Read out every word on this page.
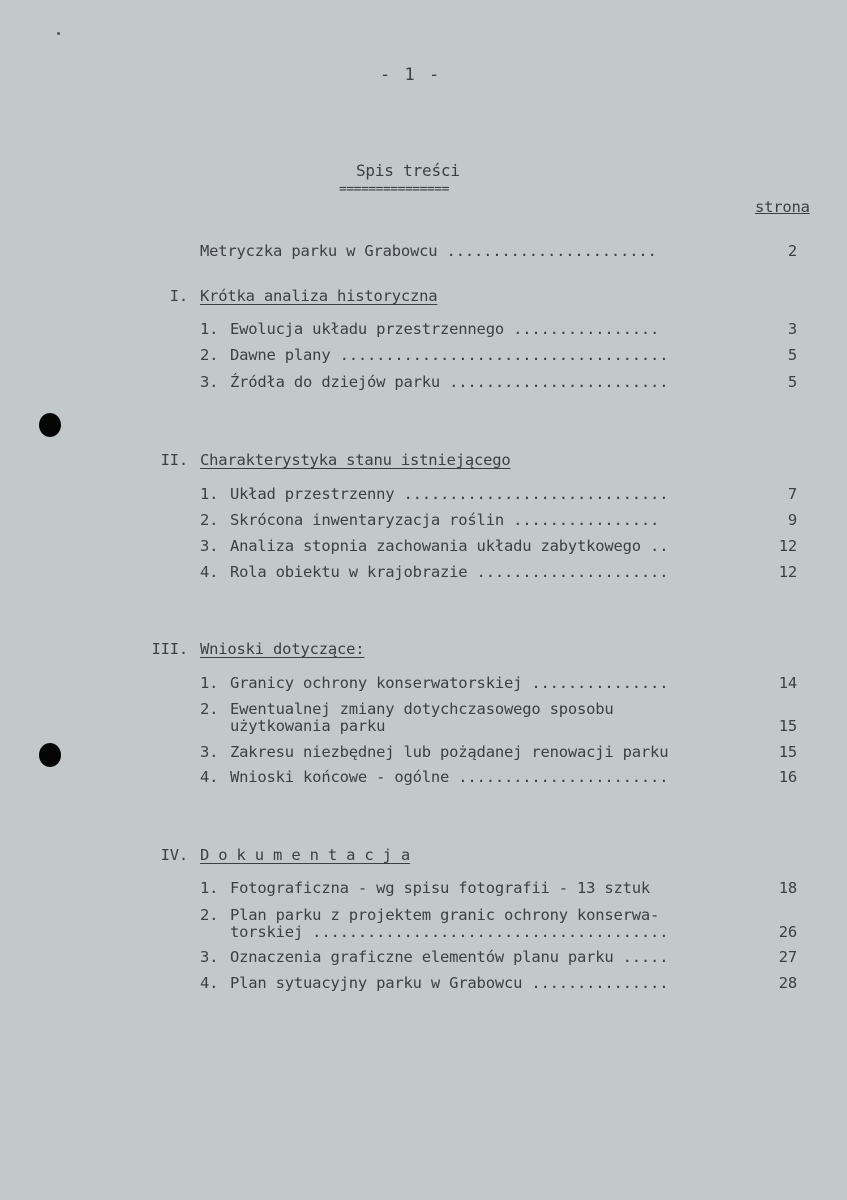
- 1 -
Spis treści
===============
strona
Metryczka parku w Grabowcu .......................	2
I. Krótka analiza historyczna
1. Ewolucja układu przestrzennego ................	3
2. Dawne plany ....................................	5
3. Źródła do dziejów parku ........................	5
II. Charakterystyka stanu istniejącego
1. Układ przestrzenny .............................	7
2. Skrócona inwentaryzacja roślin ................	9
3. Analiza stopnia zachowania układu zabytkowego ..	12
4. Rola obiektu w krajobrazie .....................	12
III. Wnioski dotyczące:
1. Granicy ochrony konserwatorskiej ...............	14
2. Ewentualnej zmiany dotychczasowego sposobu
użytkowania parku	15
3. Zakresu niezbędnej lub pożądanej renowacji parku	15
4. Wnioski końcowe - ogólne .......................	16
IV. D o k u m e n t a c j a
1. Fotograficzna - wg spisu fotografii - 13 sztuk	18
2. Plan parku z projektem granic ochrony konserwa-
torskiej .......................................	26
3. Oznaczenia graficzne elementów planu parku .....	27
4. Plan sytuacyjny parku w Grabowcu ...............	28
